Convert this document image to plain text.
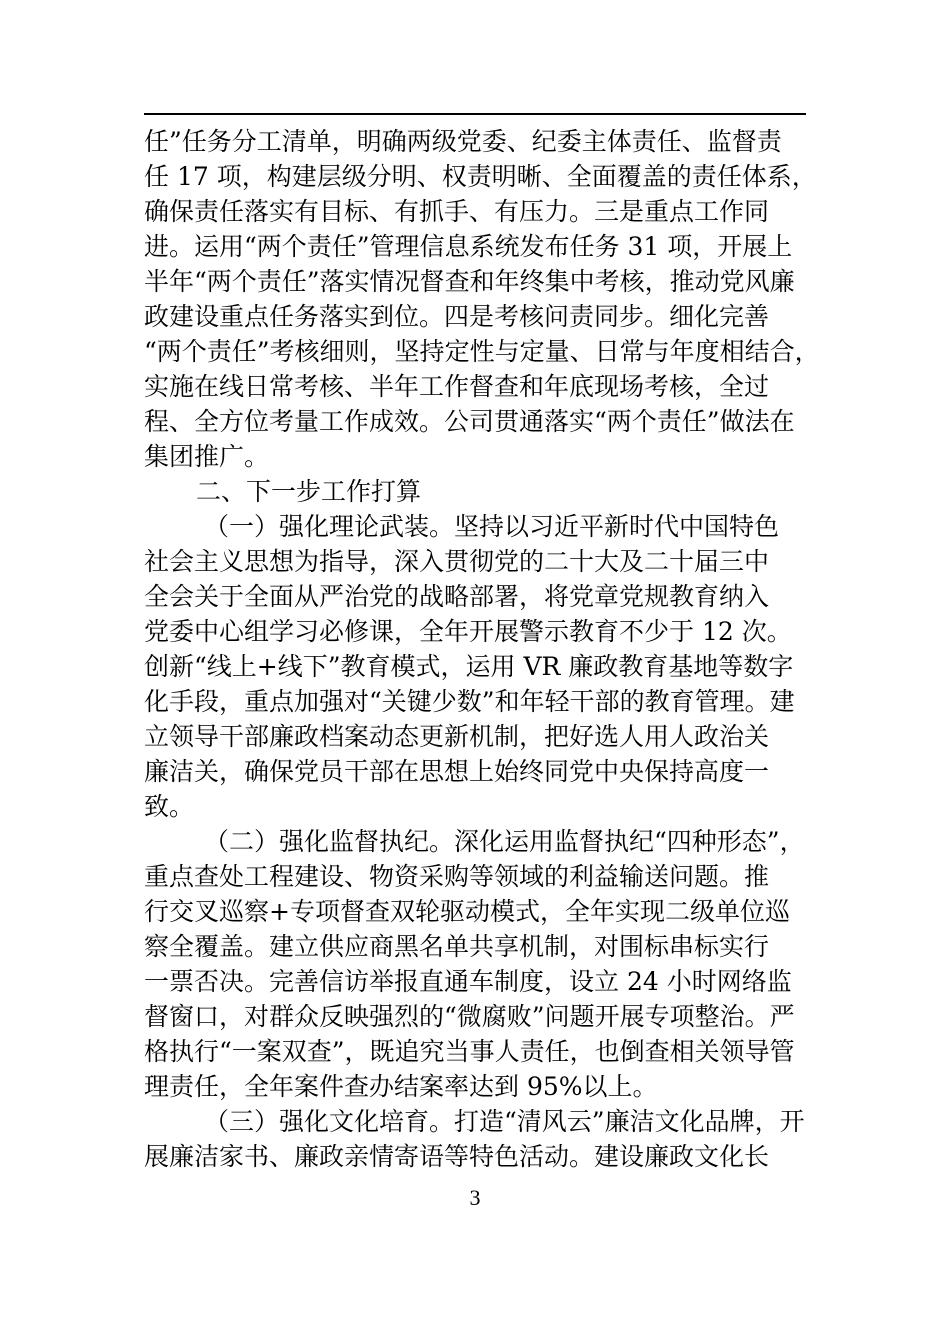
任”任务分工清单，明确两级党委、纪委主体责任、监督责
任 17 项，构建层级分明、权责明晰、全面覆盖的责任体系，
确保责任落实有目标、有抓手、有压力。三是重点工作同
进。运用“两个责任”管理信息系统发布任务 31 项，开展上
半年“两个责任”落实情况督查和年终集中考核，推动党风廉
政建设重点任务落实到位。四是考核问责同步。细化完善
“两个责任”考核细则，坚持定性与定量、日常与年度相结合，
实施在线日常考核、半年工作督查和年底现场考核，全过
程、全方位考量工作成效。公司贯通落实“两个责任”做法在
集团推广。
二、下一步工作打算
（一）强化理论武装。坚持以习近平新时代中国特色
社会主义思想为指导，深入贯彻党的二十大及二十届三中
全会关于全面从严治党的战略部署，将党章党规教育纳入
党委中心组学习必修课，全年开展警示教育不少于 12 次。
创新“线上+线下”教育模式，运用 VR 廉政教育基地等数字
化手段，重点加强对“关键少数”和年轻干部的教育管理。建
立领导干部廉政档案动态更新机制，把好选人用人政治关
廉洁关，确保党员干部在思想上始终同党中央保持高度一
致。
（二）强化监督执纪。深化运用监督执纪“四种形态”，
重点查处工程建设、物资采购等领域的利益输送问题。推
行交叉巡察+专项督查双轮驱动模式，全年实现二级单位巡
察全覆盖。建立供应商黑名单共享机制，对围标串标实行
一票否决。完善信访举报直通车制度，设立 24 小时网络监
督窗口，对群众反映强烈的“微腐败”问题开展专项整治。严
格执行“一案双查”，既追究当事人责任，也倒查相关领导管
理责任，全年案件查办结案率达到 95%以上。
（三）强化文化培育。打造“清风云”廉洁文化品牌，开
展廉洁家书、廉政亲情寄语等特色活动。建设廉政文化长
3
